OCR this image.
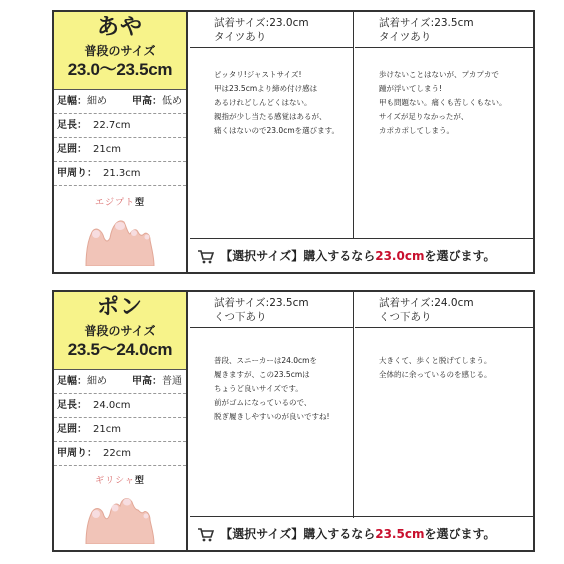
あや
普段のサイズ
23.0〜23.5cm
足幅：細め	甲高：低め
足長： 22.7cm
足囲： 21cm
甲周り： 21.3cm
エジプト型
試着サイズ:23.0cm
タイツあり
ピッタリ!ジャストサイズ!
甲は23.5cmより締め付け感は
あるけれどしんどくはない。
親指が少し当たる感覚はあるが、
痛くはないので23.0cmを選びます。
試着サイズ:23.5cm
タイツあり
歩けないことはないが、プカプカで
踵が浮いてしまう!
甲も問題ない。痛くも苦しくもない。
サイズが足りなかったが、
カポカポしてしまう。
【選択サイズ】購入するなら23.0cmを選びます。
ポン
普段のサイズ
23.5〜24.0cm
足幅：細め	甲高：普通
足長： 24.0cm
足囲： 21cm
甲周り： 22cm
ギリシャ型
試着サイズ:23.5cm
くつ下あり
普段、スニーカーは24.0cmを
履きますが、この23.5cmは
ちょうど良いサイズです。
前がゴムになっているので、
脱ぎ履きしやすいのが良いですね!
試着サイズ:24.0cm
くつ下あり
大きくて、歩くと脱げてしまう。
全体的に余っているのを感じる。
【選択サイズ】購入するなら23.5cmを選びます。
